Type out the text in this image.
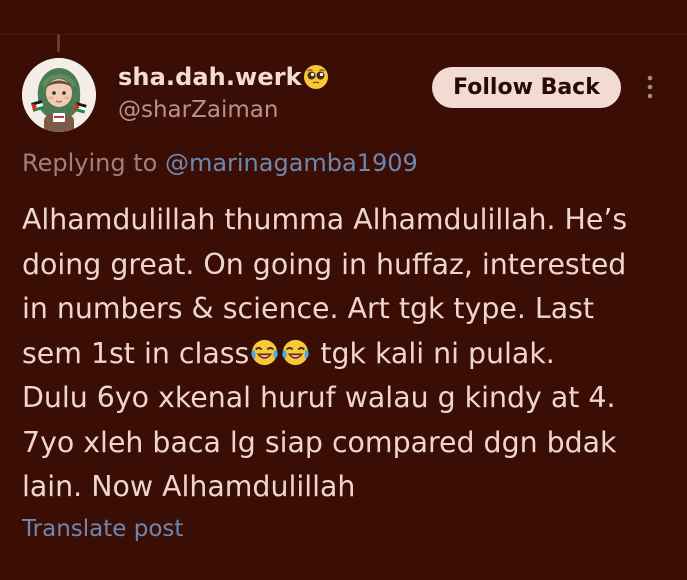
sha.dah.werk
@sharZaiman
Follow Back
Replying to @marinagamba1909
Alhamdulillah thumma Alhamdulillah. He’s
doing great. On going in huffaz, interested
in numbers & science. Art tgk type. Last
sem 1st in class tgk kali ni pulak.
Dulu 6yo xkenal huruf walau g kindy at 4.
7yo xleh baca lg siap compared dgn bdak
lain. Now Alhamdulillah
Translate post
